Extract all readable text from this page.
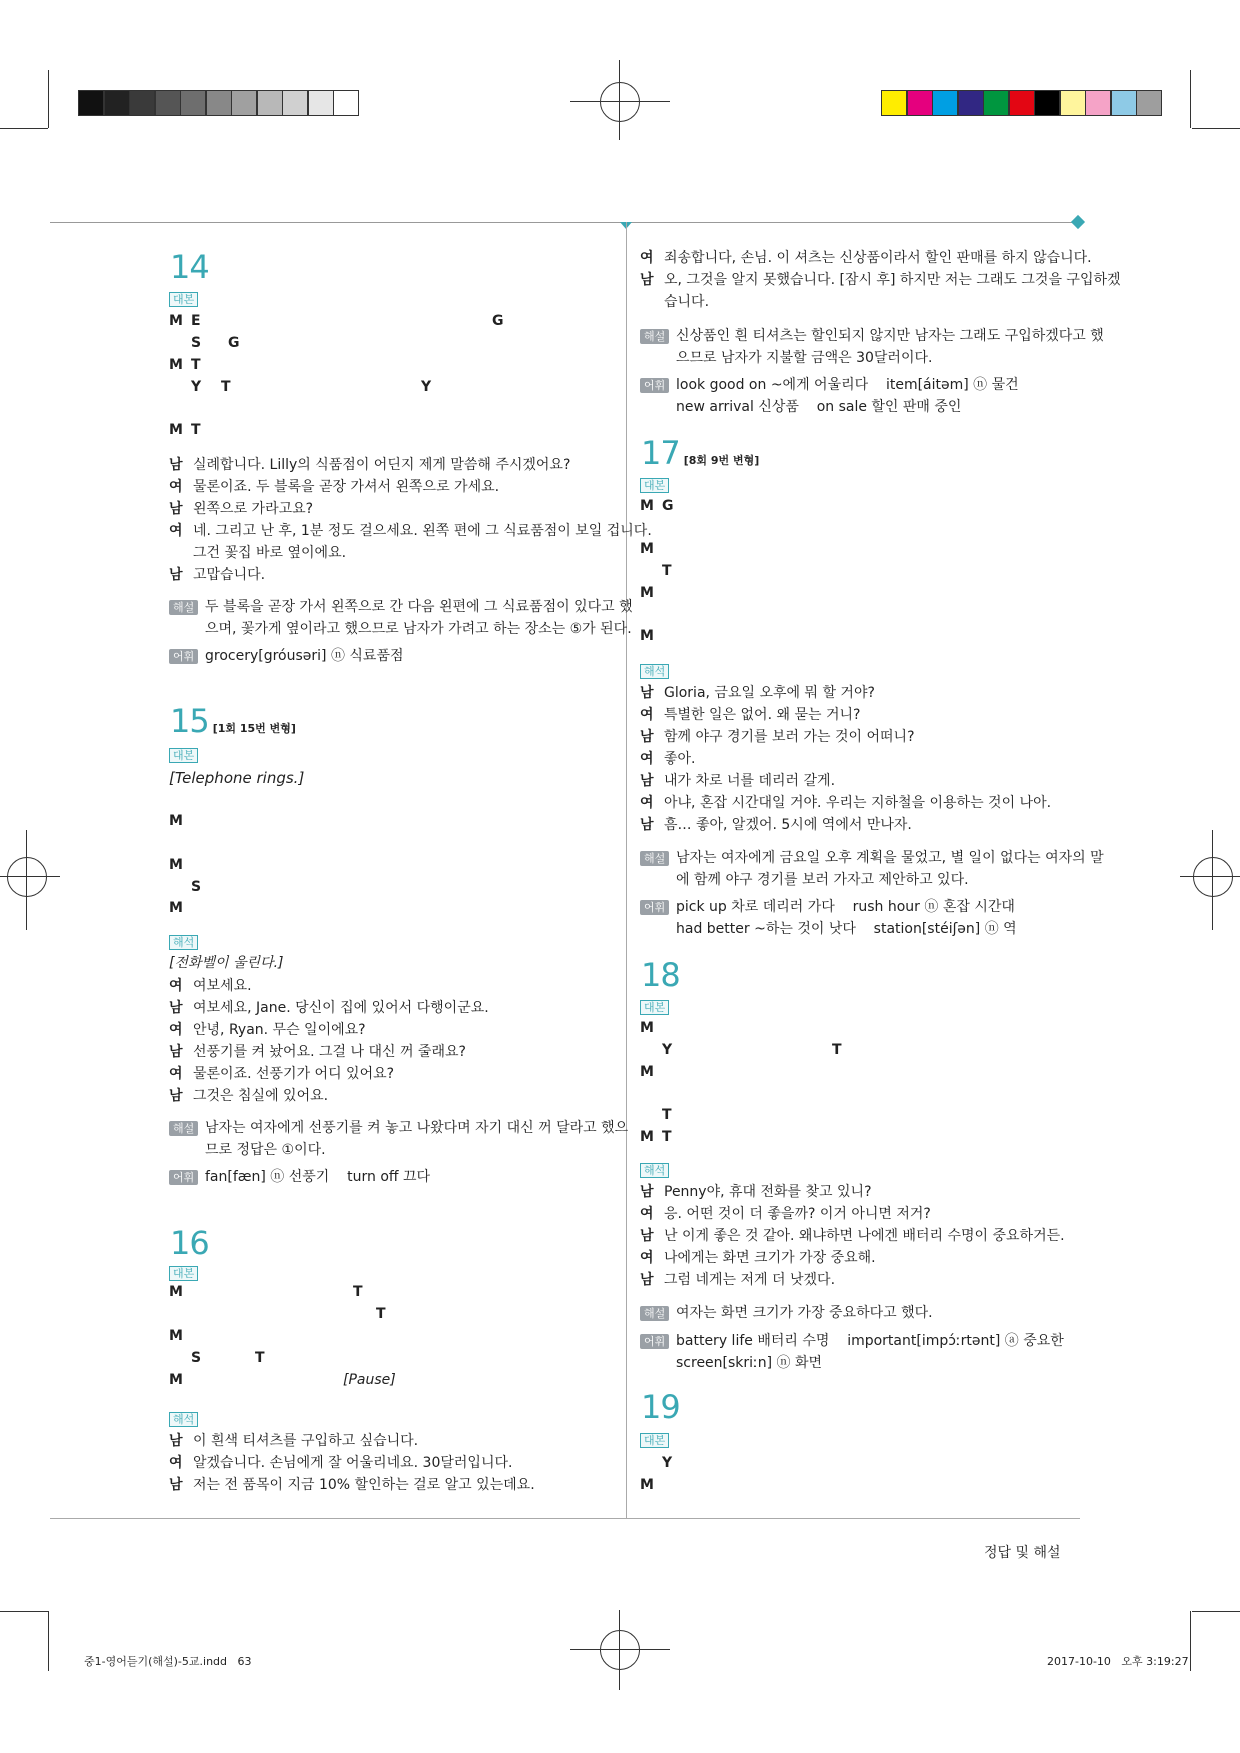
14
대본
M E	G
S G
M T
Y T	Y
M T
남 실례합니다. Lilly의 식품점이 어딘지 제게 말씀해 주시겠어요?
여 물론이죠. 두 블록을 곧장 가셔서 왼쪽으로 가세요.
남 왼쪽으로 가라고요?
여 네. 그리고 난 후, 1분 정도 걸으세요. 왼쪽 편에 그 식료품점이 보일 겁니다.
그건 꽃집 바로 옆이에요.
남 고맙습니다.
해설 두 블록을 곧장 가서 왼쪽으로 간 다음 왼편에 그 식료품점이 있다고 했
으며, 꽃가게 옆이라고 했으므로 남자가 가려고 하는 장소는 ⑤가 된다.
어휘 grocery[gróusəri] ⓝ 식료품점
15 [1회 15번 변형]
대본
[Telephone rings.]
M
M
S
M
해석
[전화벨이 울린다.]
여 여보세요.
남 여보세요, Jane. 당신이 집에 있어서 다행이군요.
여 안녕, Ryan. 무슨 일이에요?
남 선풍기를 켜 놨어요. 그걸 나 대신 꺼 줄래요?
여 물론이죠. 선풍기가 어디 있어요?
남 그것은 침실에 있어요.
해설 남자는 여자에게 선풍기를 켜 놓고 나왔다며 자기 대신 꺼 달라고 했으
므로 정답은 ①이다.
어휘 fan[fæn] ⓝ 선풍기    turn off 끄다
16
대본
M	T
T
M
S	T
M	[Pause]
해석
남 이 흰색 티셔츠를 구입하고 싶습니다.
여 알겠습니다. 손님에게 잘 어울리네요. 30달러입니다.
남 저는 전 품목이 지금 10% 할인하는 걸로 알고 있는데요.
여 죄송합니다, 손님. 이 셔츠는 신상품이라서 할인 판매를 하지 않습니다.
남 오, 그것을 알지 못했습니다. [잠시 후] 하지만 저는 그래도 그것을 구입하겠
습니다.
해설 신상품인 흰 티셔츠는 할인되지 않지만 남자는 그래도 구입하겠다고 했
으므로 남자가 지불할 금액은 30달러이다.
어휘 look good on ~에게 어울리다    item[áitəm] ⓝ 물건
new arrival 신상품    on sale 할인 판매 중인
17 [8회 9번 변형]
대본
M G
M
T
M
M
해석
남 Gloria, 금요일 오후에 뭐 할 거야?
여 특별한 일은 없어. 왜 묻는 거니?
남 함께 야구 경기를 보러 가는 것이 어떠니?
여 좋아.
남 내가 차로 너를 데리러 갈게.
여 아냐, 혼잡 시간대일 거야. 우리는 지하철을 이용하는 것이 나아.
남 흠… 좋아, 알겠어. 5시에 역에서 만나자.
해설 남자는 여자에게 금요일 오후 계획을 물었고, 별 일이 없다는 여자의 말
에 함께 야구 경기를 보러 가자고 제안하고 있다.
어휘 pick up 차로 데리러 가다    rush hour ⓝ 혼잡 시간대
had better ~하는 것이 낫다    station[stéiʃən] ⓝ 역
18
대본
M
Y	T
M
T
M T
해석
남 Penny야, 휴대 전화를 찾고 있니?
여 응. 어떤 것이 더 좋을까? 이거 아니면 저거?
남 난 이게 좋은 것 같아. 왜냐하면 나에겐 배터리 수명이 중요하거든.
여 나에게는 화면 크기가 가장 중요해.
남 그럼 네게는 저게 더 낫겠다.
해설 여자는 화면 크기가 가장 중요하다고 했다.
어휘 battery life 배터리 수명    important[impɔ́ːrtənt] ⓐ 중요한
screen[skriːn] ⓝ 화면
19
대본
Y
M
정답 및 해설
중1-영어듣기(해설)-5교.indd   63	2017-10-10   오후 3:19:27
